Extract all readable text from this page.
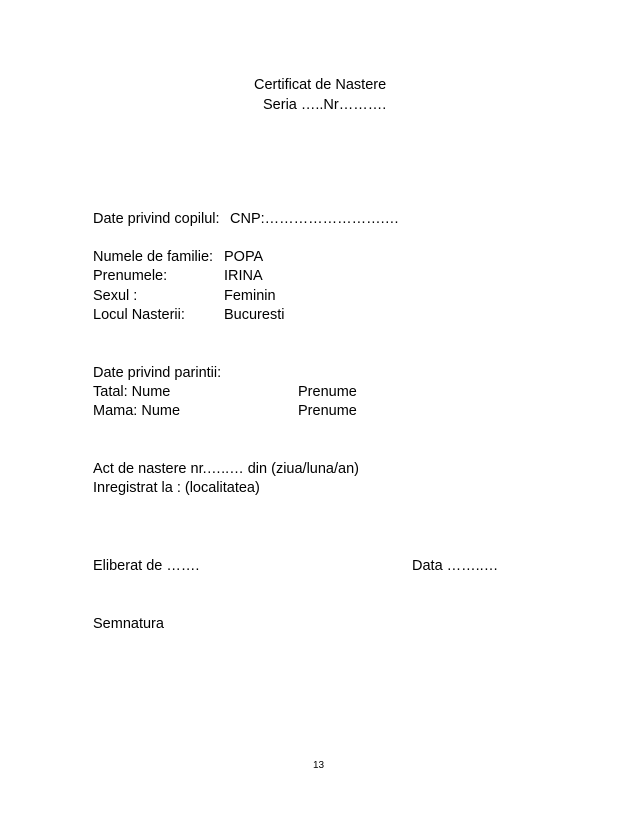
Certificat de Nastere
Seria …..Nr……….
Date privind copilul: CNP:…………………….…
Numele de familie: POPA
Prenumele:	IRINA
Sexul :	Feminin
Locul Nasterii:	Bucuresti
Date privind parintii:
Tatal: Nume	Prenume
Mama: Nume	Prenume
Act de nastere nr.…..… din (ziua/luna/an)
Inregistrat la : (localitatea)
Eliberat de …….	Data ……..…
Semnatura
13
